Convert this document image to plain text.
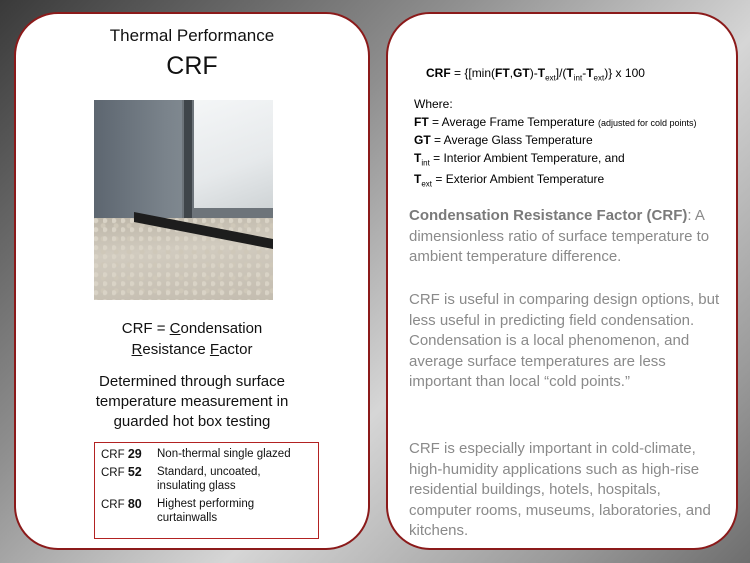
Thermal Performance
CRF
CRF = Condensation
Resistance Factor
Determined through surface
temperature measurement in
guarded hot box testing
CRF 29	Non-thermal single glazed
CRF 52	Standard, uncoated,
insulating glass
CRF 80	Highest performing
curtainwalls
CRF = $\{[\min(FT,GT)-T_{ext}]/(T_{int}-T_{ext})\}$ x 100
Where:
FT = Average Frame Temperature (adjusted for cold points)
GT = Average Glass Temperature
$T_{int}$ = Interior Ambient Temperature, and
$T_{ext}$ = Exterior Ambient Temperature
Condensation Resistance Factor (CRF): A dimensionless ratio of surface temperature to ambient temperature difference.
CRF is useful in comparing design options, but less useful in predicting field condensation. Condensation is a local phenomenon, and average surface temperatures are less important than local “cold points.”
CRF is especially important in cold-climate, high-humidity applications such as high-rise residential buildings, hotels, hospitals, computer rooms, museums, laboratories, and kitchens.
